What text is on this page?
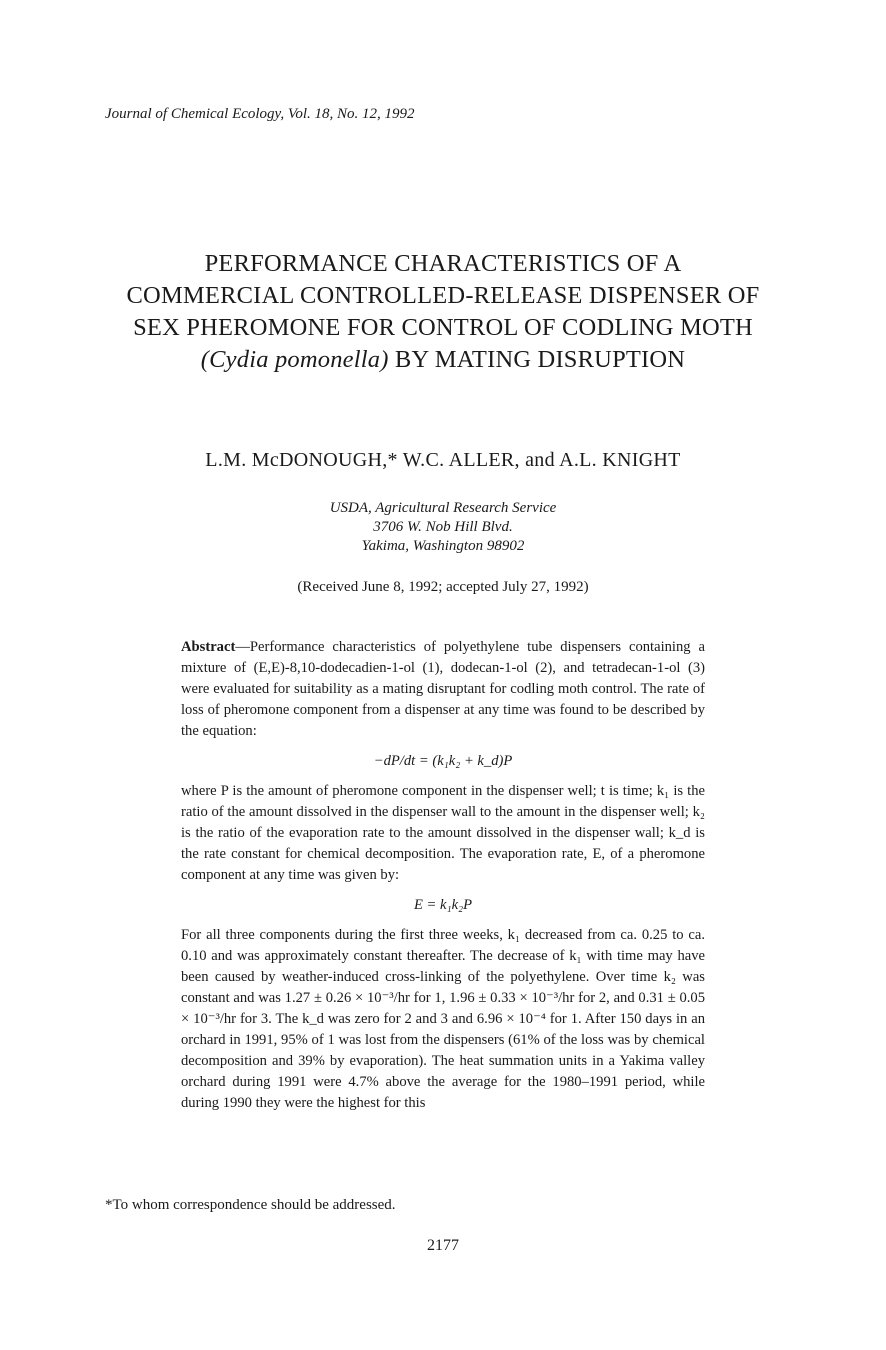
Journal of Chemical Ecology, Vol. 18, No. 12, 1992
PERFORMANCE CHARACTERISTICS OF A
COMMERCIAL CONTROLLED-RELEASE DISPENSER OF
SEX PHEROMONE FOR CONTROL OF CODLING MOTH
(Cydia pomonella) BY MATING DISRUPTION
L.M. McDONOUGH,* W.C. ALLER, and A.L. KNIGHT
USDA, Agricultural Research Service
3706 W. Nob Hill Blvd.
Yakima, Washington 98902
(Received June 8, 1992; accepted July 27, 1992)

Abstract—Performance characteristics of polyethylene tube dispensers containing a mixture of (E,E)-8,10-dodecadien-1-ol (1), dodecan-1-ol (2), and tetradecan-1-ol (3) were evaluated for suitability as a mating disruptant for codling moth control. The rate of loss of pheromone component from a dispenser at any time was found to be described by the equation:

−dP/dt = (k₁k₂ + k_d)P

where P is the amount of pheromone component in the dispenser well; t is time; k₁ is the ratio of the amount dissolved in the dispenser wall to the amount in the dispenser well; k₂ is the ratio of the evaporation rate to the amount dissolved in the dispenser wall; k_d is the rate constant for chemical decomposition. The evaporation rate, E, of a pheromone component at any time was given by:

E = k₁k₂P

For all three components during the first three weeks, k₁ decreased from ca. 0.25 to ca. 0.10 and was approximately constant thereafter. The decrease of k₁ with time may have been caused by weather-induced cross-linking of the polyethylene. Over time k₂ was constant and was 1.27 ± 0.26 × 10⁻³/hr for 1, 1.96 ± 0.33 × 10⁻³/hr for 2, and 0.31 ± 0.05 × 10⁻³/hr for 3. The k_d was zero for 2 and 3 and 6.96 × 10⁻⁴ for 1. After 150 days in an orchard in 1991, 95% of 1 was lost from the dispensers (61% of the loss was by chemical decomposition and 39% by evaporation). The heat summation units in a Yakima valley orchard during 1991 were 4.7% above the average for the 1980–1991 period, while during 1990 they were the highest for this

*To whom correspondence should be addressed.
2177
